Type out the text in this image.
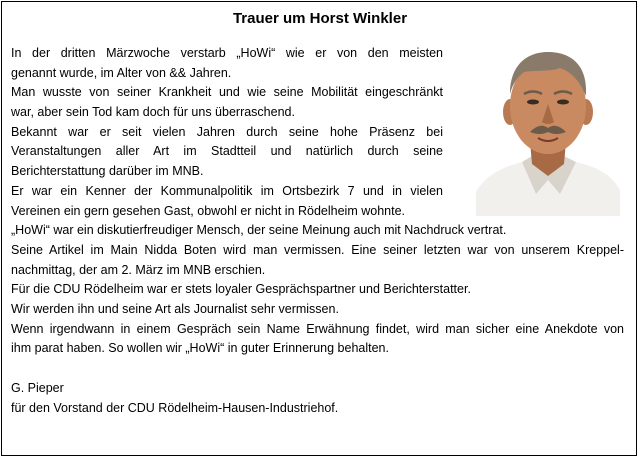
Trauer um Horst Winkler
In der dritten Märzwoche verstarb „HoWi“ wie er von den meisten
genannt wurde, im Alter von && Jahren.
Man wusste von seiner Krankheit und wie seine Mobilität eingeschränkt
war, aber sein Tod kam doch für uns überraschend.
Bekannt war er seit vielen Jahren durch seine hohe Präsenz bei
Veranstaltungen aller Art im Stadtteil und natürlich durch seine
Berichterstattung darüber im MNB.
Er war ein Kenner der Kommunalpolitik im Ortsbezirk 7 und in vielen
Vereinen ein gern gesehen Gast, obwohl er nicht in Rödelheim wohnte.
„HoWi“ war ein diskutierfreudiger Mensch, der seine Meinung auch mit Nachdruck vertrat.
Seine Artikel im Main Nidda Boten wird man vermissen. Eine seiner letzten war von unserem Kreppel-
nachmittag, der am 2. März im MNB erschien.
Für die CDU Rödelheim war er stets loyaler Gesprächspartner und Berichterstatter.
Wir werden ihn und seine Art als Journalist sehr vermissen.
Wenn irgendwann in einem Gespräch sein Name Erwähnung findet, wird man sicher eine Anekdote von
ihm parat haben. So wollen wir „HoWi“ in guter Erinnerung behalten.
G. Pieper
für den Vorstand der CDU Rödelheim-Hausen-Industriehof.
